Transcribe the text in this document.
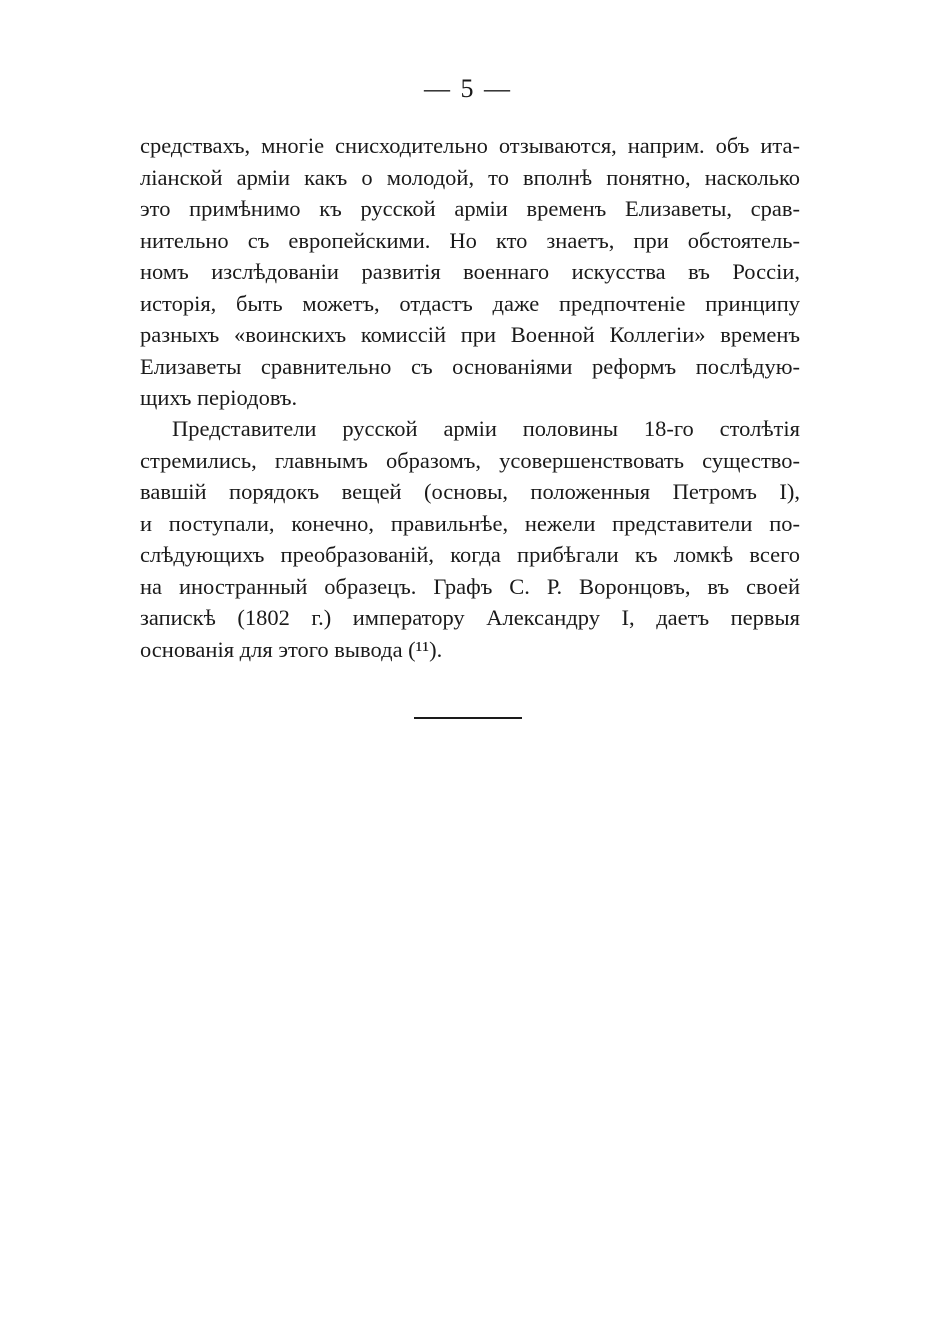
— 5 —
средствахъ, многіе снисходительно отзываются, наприм. объ ита-
ліанской арміи какъ о молодой, то вполнѣ понятно, насколько
это примѣнимо къ русской арміи временъ Елизаветы, срав-
нительно съ европейскими. Но кто знаетъ, при обстоятель-
номъ изслѣдованіи развитія военнаго искусства въ Россіи,
исторія, быть можетъ, отдастъ даже предпочтеніе принципу
разныхъ «воинскихъ комиссій при Военной Коллегіи» временъ
Елизаветы сравнительно съ основаніями реформъ послѣдую-
щихъ періодовъ.
Представители русской арміи половины 18-го столѣтія
стремились, главнымъ образомъ, усовершенствовать существо-
вавшій порядокъ вещей (основы, положенныя Петромъ I),
и поступали, конечно, правильнѣе, нежели представители по-
слѣдующихъ преобразованій, когда прибѣгали къ ломкѣ всего
на иностранный образецъ. Графъ С. Р. Воронцовъ, въ своей
запискѣ (1802 г.) императору Александру I, даетъ первыя
основанія для этого вывода (¹¹).
